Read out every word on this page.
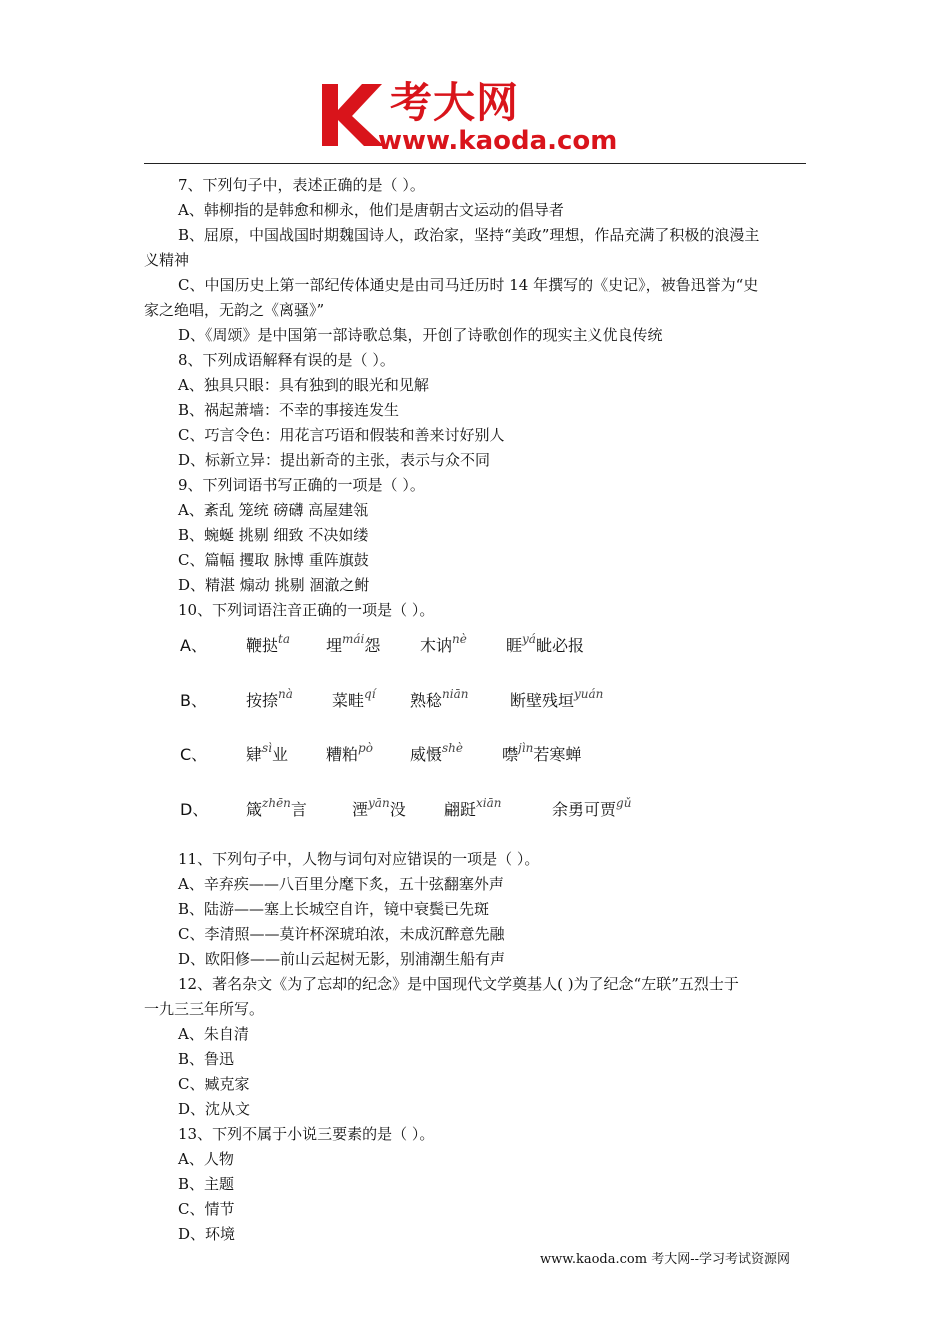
考大网
www.kaoda.com

7、下列句子中，表述正确的是（ ）。

A、韩柳指的是韩愈和柳永，他们是唐朝古文运动的倡导者

B、屈原，中国战国时期魏国诗人，政治家，坚持“美政”理想，作品充满了积极的浪漫主

义精神

C、中国历史上第一部纪传体通史是由司马迁历时 14 年撰写的《史记》，被鲁迅誉为“史

家之绝唱，无韵之《离骚》”

D、《周颂》是中国第一部诗歌总集，开创了诗歌创作的现实主义优良传统

8、下列成语解释有误的是（ ）。

A、独具只眼：具有独到的眼光和见解

B、祸起萧墙：不幸的事接连发生

C、巧言令色：用花言巧语和假装和善来讨好别人

D、标新立异：提出新奇的主张，表示与众不同

9、下列词语书写正确的一项是（ ）。

A、紊乱 笼统 磅礴 高屋建瓴

B、蜿蜒 挑剔 细致 不决如缕

C、篇幅 攫取 脉博 重阵旗鼓

D、精湛 煽动 挑剔 涸澈之鲋

10、下列词语注音正确的一项是（ ）。

A、 鞭挞$^{ta}$ 埋$^{mái}$怨 木讷$^{nè}$ 睚$^{yá}$眦必报
B、 按捺$^{nà}$ 菜畦$^{qí}$ 熟稔$^{niān}$	断壁残垣$^{yuán}$
C、 肄$^{sì}$业 糟粕$^{pò}$ 威慑$^{shè}$ 噤$^{jìn}$若寒蝉
D、 箴$^{zhēn}$言	湮$^{yān}$没 翩跹$^{xiān}$	余勇可贾$^{gǔ}$

11、下列句子中，人物与词句对应错误的一项是（ ）。

A、辛弃疾——八百里分麾下炙，五十弦翻塞外声

B、陆游——塞上长城空自许，镜中衰鬓已先斑

C、李清照——莫许杯深琥珀浓，未成沉醉意先融

D、欧阳修——前山云起树无影，别浦潮生船有声

12、著名杂文《为了忘却的纪念》是中国现代文学奠基人( )为了纪念“左联”五烈士于

一九三三年所写。

A、朱自清

B、鲁迅

C、臧克家

D、沈从文

13、下列不属于小说三要素的是（ ）。

A、人物

B、主题

C、情节

D、环境

www.kaoda.com 考大网--学习考试资源网
